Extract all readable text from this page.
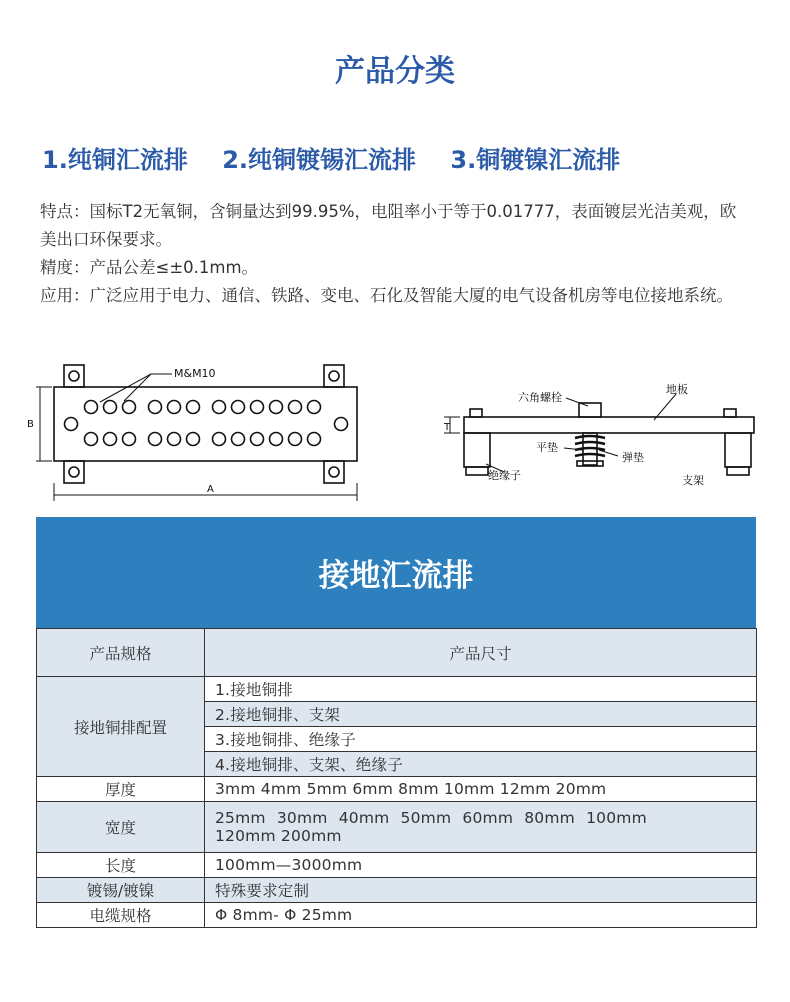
产品分类
1.纯铜汇流排 2.纯铜镀锡汇流排 3.铜镀镍汇流排

特点：国标T2无氧铜，含铜量达到99.95%，电阻率小于等于0.01777，表面镀层光洁美观，欧美出口环保要求。

精度：产品公差≤±0.1mm。

应用：广泛应用于电力、通信、铁路、变电、石化及智能大厦的电气设备机房等电位接地系统。

M&M10
B
A
六角螺栓
地板
T
平垫
弹垫
绝缘子	支架
接地汇流排
产品规格	产品尺寸
接地铜排配置	1.接地铜排
	2.接地铜排、支架
	3.接地铜排、绝缘子
	4.接地铜排、支架、绝缘子
厚度	3mm 4mm 5mm 6mm 8mm 10mm 12mm 20mm
宽度	25mm 30mm 40mm 50mm 60mm 80mm 100mm
120mm 200mm

长度	100mm—3000mm
镀锡/镀镍	特殊要求定制
电缆规格	Φ 8mm- Φ 25mm
